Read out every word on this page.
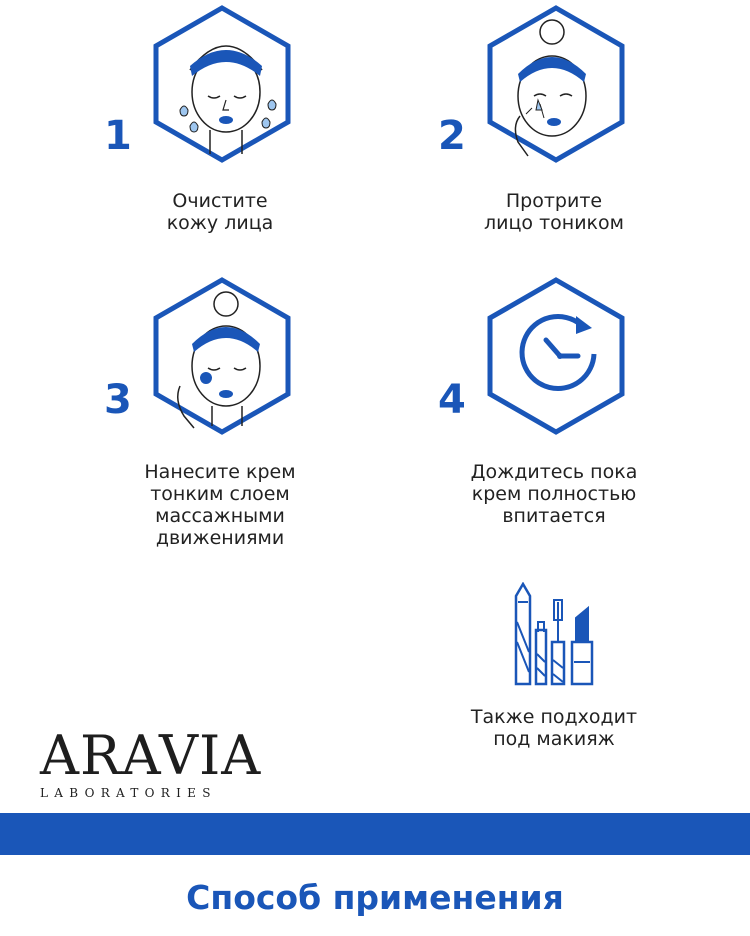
1
Очистите
кожу лица
2
Протрите
лицо тоником
3
Нанесите крем
тонким слоем
массажными
движениями
4
Дождитесь пока
крем полностью
впитается
Также подходит
под макияж
ARAVIA
LABORATORIES
Способ применения
